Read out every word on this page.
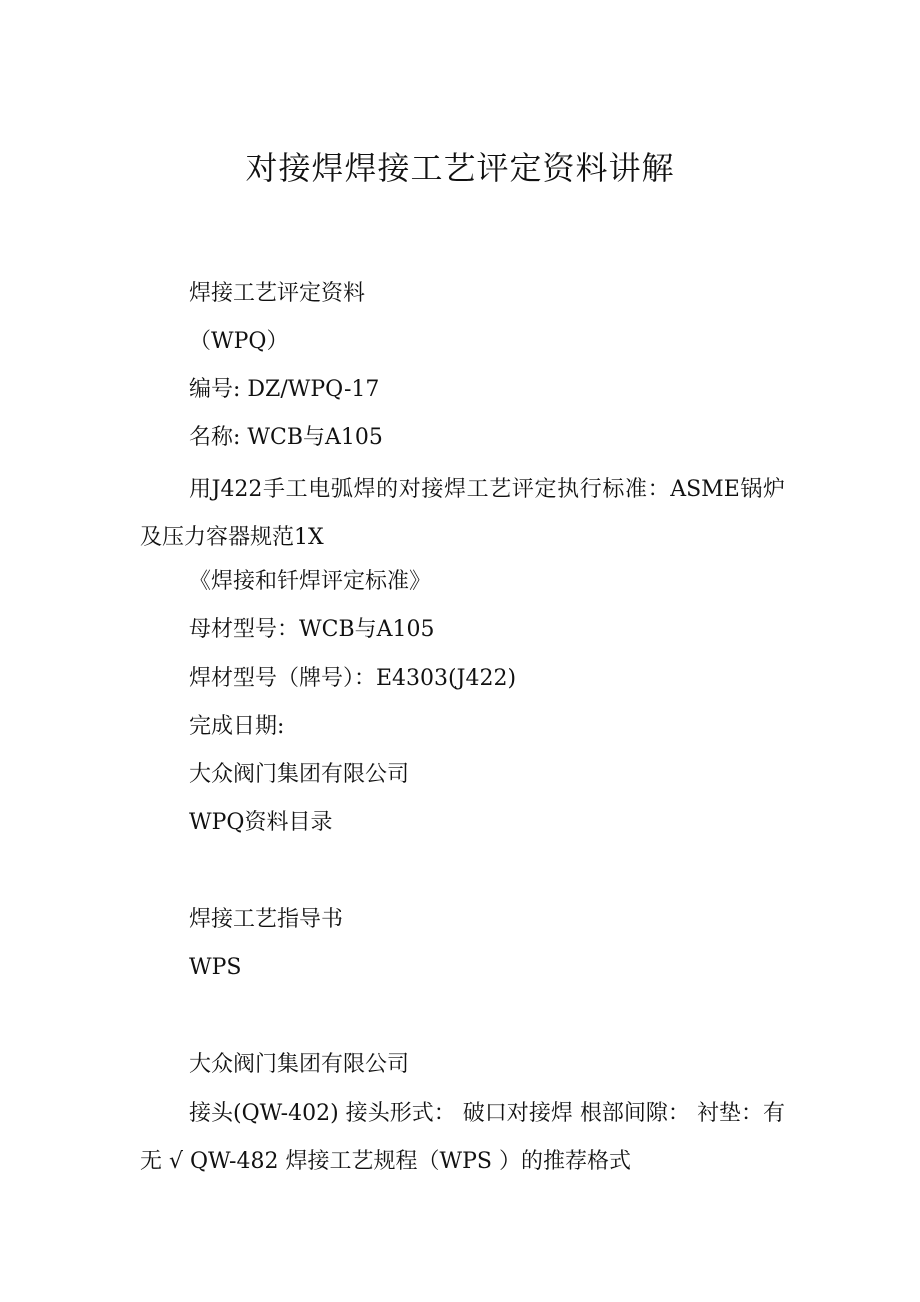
对接焊焊接工艺评定资料讲解

焊接工艺评定资料

（WPQ）

编号: DZ/WPQ-17

名称: WCB与A105

用J422手工电弧焊的对接焊工艺评定执行标准：ASME锅炉及压力容器规范1X

《焊接和钎焊评定标准》

母材型号：WCB与A105

焊材型号（牌号）：E4303(J422)

完成日期:

大众阀门集团有限公司

WPQ资料目录

焊接工艺指导书

WPS

大众阀门集团有限公司

接头(QW-402) 接头形式： 破口对接焊 根部间隙： 衬垫：有 无 √ QW-482 焊接工艺规程（WPS ）的推荐格式
